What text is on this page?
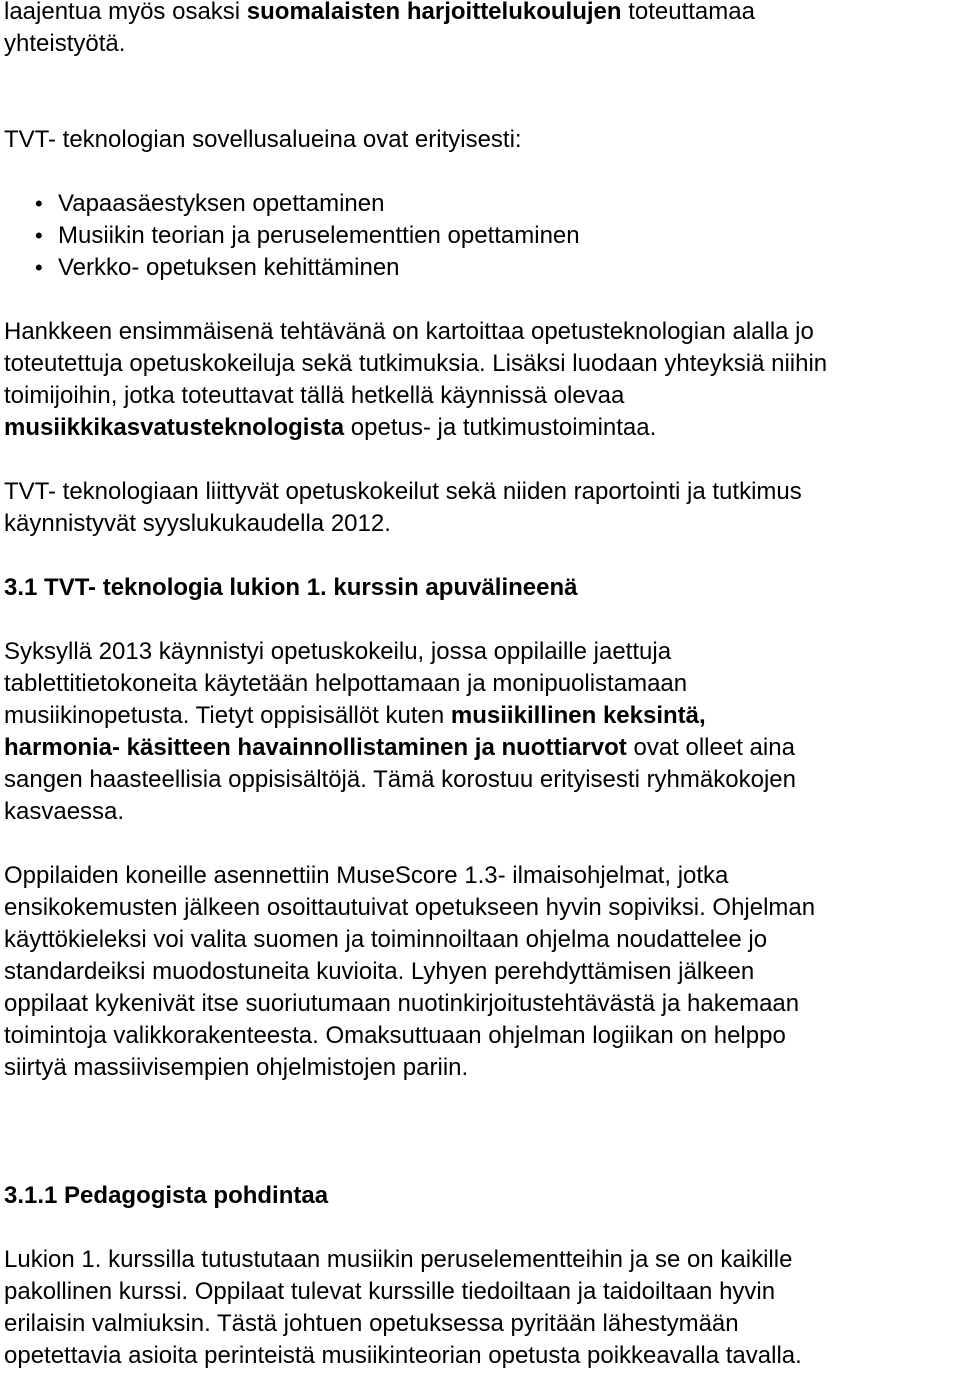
laajentua myös osaksi suomalaisten harjoittelukoulujen toteuttamaa
yhteistyötä.

TVT- teknologian sovellusalueina ovat erityisesti:

• Vapaasäestyksen opettaminen
• Musiikin teorian ja peruselementtien opettaminen
• Verkko- opetuksen kehittäminen

Hankkeen ensimmäisenä tehtävänä on kartoittaa opetusteknologian alalla jo
toteutettuja opetuskokeiluja sekä tutkimuksia. Lisäksi luodaan yhteyksiä niihin
toimijoihin, jotka toteuttavat tällä hetkellä käynnissä olevaa
musiikkikasvatusteknologista opetus- ja tutkimustoimintaa.

TVT- teknologiaan liittyvät opetuskokeilut sekä niiden raportointi ja tutkimus
käynnistyvät syyslukukaudella 2012.

3.1 TVT- teknologia lukion 1. kurssin apuvälineenä

Syksyllä 2013 käynnistyi opetuskokeilu, jossa oppilaille jaettuja
tablettitietokoneita käytetään helpottamaan ja monipuolistamaan
musiikinopetusta. Tietyt oppisisällöt kuten musiikillinen keksintä,
harmonia- käsitteen havainnollistaminen ja nuottiarvot ovat olleet aina
sangen haasteellisia oppisisältöjä. Tämä korostuu erityisesti ryhmäkokojen
kasvaessa.

Oppilaiden koneille asennettiin MuseScore 1.3- ilmaisohjelmat, jotka
ensikokemusten jälkeen osoittautuivat opetukseen hyvin sopiviksi. Ohjelman
käyttökieleksi voi valita suomen ja toiminnoiltaan ohjelma noudattelee jo
standardeiksi muodostuneita kuvioita. Lyhyen perehdyttämisen jälkeen
oppilaat kykenivät itse suoriutumaan nuotinkirjoitustehtävästä ja hakemaan
toimintoja valikkorakenteesta. Omaksuttuaan ohjelman logiikan on helppo
siirtyä massiivisempien ohjelmistojen pariin.

3.1.1 Pedagogista pohdintaa

Lukion 1. kurssilla tutustutaan musiikin peruselementteihin ja se on kaikille
pakollinen kurssi. Oppilaat tulevat kurssille tiedoiltaan ja taidoiltaan hyvin
erilaisin valmiuksin. Tästä johtuen opetuksessa pyritään lähestymään
opetettavia asioita perinteistä musiikinteorian opetusta poikkeavalla tavalla.
